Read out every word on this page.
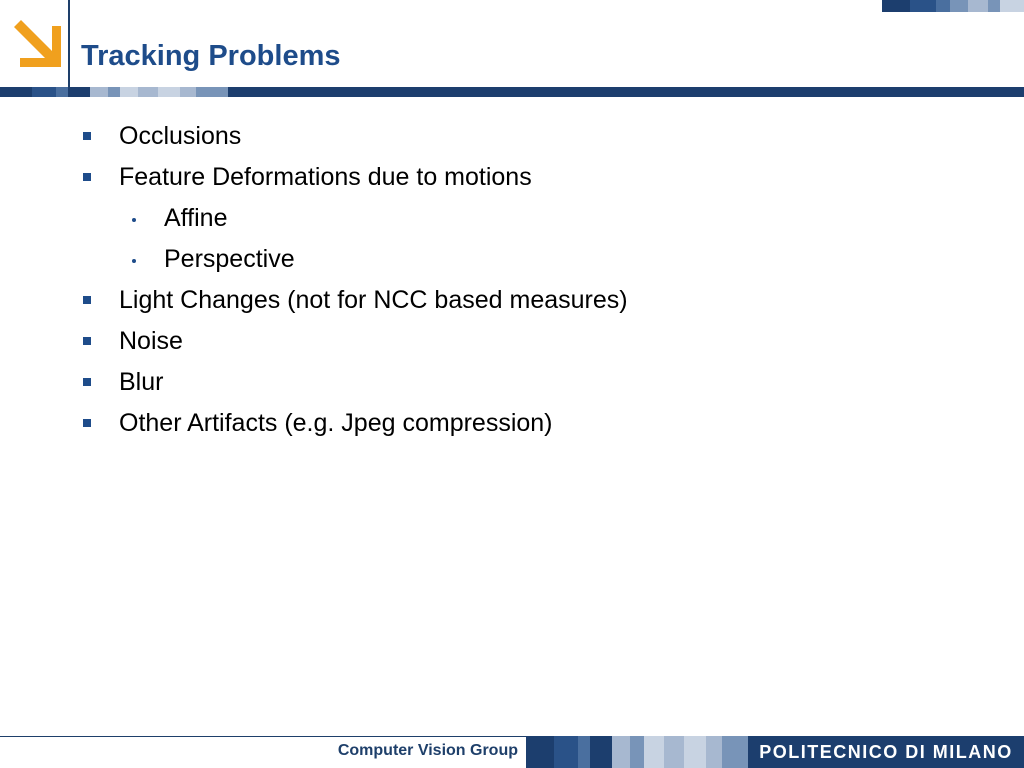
Tracking Problems
Occlusions
Feature Deformations due to motions
Affine
Perspective
Light Changes (not for NCC based measures)
Noise
Blur
Other Artifacts (e.g. Jpeg compression)
Computer Vision Group	POLITECNICO DI MILANO
